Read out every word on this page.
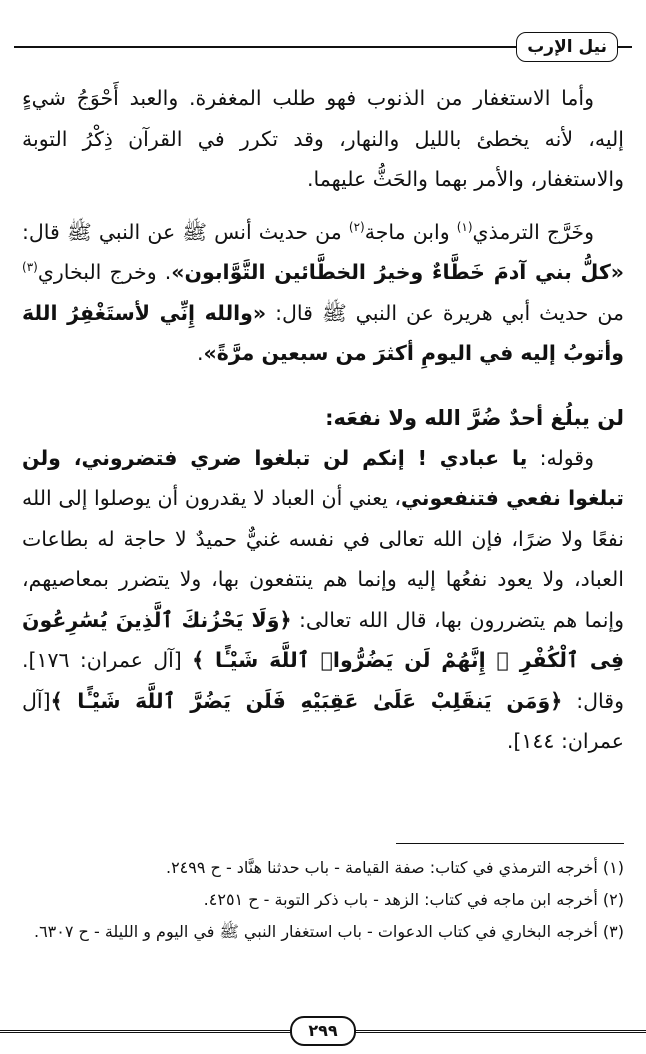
نيل الإرب

وأما الاستغفار من الذنوب فهو طلب المغفرة. والعبد أَحْوَجُ شيءٍ إليه، لأنه يخطئ بالليل والنهار، وقد تكرر في القرآن ذِكْرُ التوبة والاستغفار، والأمر بهما والحَثُّ عليهما.

وخَرَّج الترمذي$^{(١)}$ وابن ماجة$^{(٢)}$ من حديث أنس ﷺ عن النبي ﷺ قال: «كلُّ بني آدمَ خَطَّاءٌ وخيرُ الخطَّائين التَّوَّابون». وخرج البخاري$^{(٣)}$ من حديث أبي هريرة عن النبي ﷺ قال: «والله إِنِّي لأستَغْفِرُ اللهَ وأتوبُ إليه في اليومِ أكثرَ من سبعين مرَّةً».

لن يبلُغ أحدٌ ضُرَّ الله ولا نفعَه:

وقوله: يا عبادي ! إنكم لن تبلغوا ضري فتضروني، ولن تبلغوا نفعي فتنفعوني، يعني أن العباد لا يقدرون أن يوصلوا إلى الله نفعًا ولا ضرًا، فإن الله تعالى في نفسه غنيٌّ حميدٌ لا حاجة له بطاعات العباد، ولا يعود نفعُها إليه وإنما هم ينتفعون بها، ولا يتضرر بمعاصيهم، وإنما هم يتضررون بها، قال الله تعالى: ﴿وَلَا يَحْزُنكَ ٱلَّذِينَ يُسَٰرِعُونَ فِى ٱلْكُفْرِ ۚ إِنَّهُمْ لَن يَضُرُّوا۟ ٱللَّهَ شَيْـًٔا ﴾ [آل عمران: ١٧٦]. وقال: ﴿وَمَن يَنقَلِبْ عَلَىٰ عَقِبَيْهِ فَلَن يَضُرَّ ٱللَّهَ شَيْـًٔا ﴾[آل عمران: ١٤٤].

(١) أخرجه الترمذي في كتاب: صفة القيامة - باب حدثنا هنَّاد - ح ٢٤٩٩.

(٢) أخرجه ابن ماجه في كتاب: الزهد - باب ذكر التوبة - ح ٤٢٥١.

(٣) أخرجه البخاري في كتاب الدعوات - باب استغفار النبي ﷺ في اليوم و الليلة - ح ٦٣٠٧.

٢٩٩
